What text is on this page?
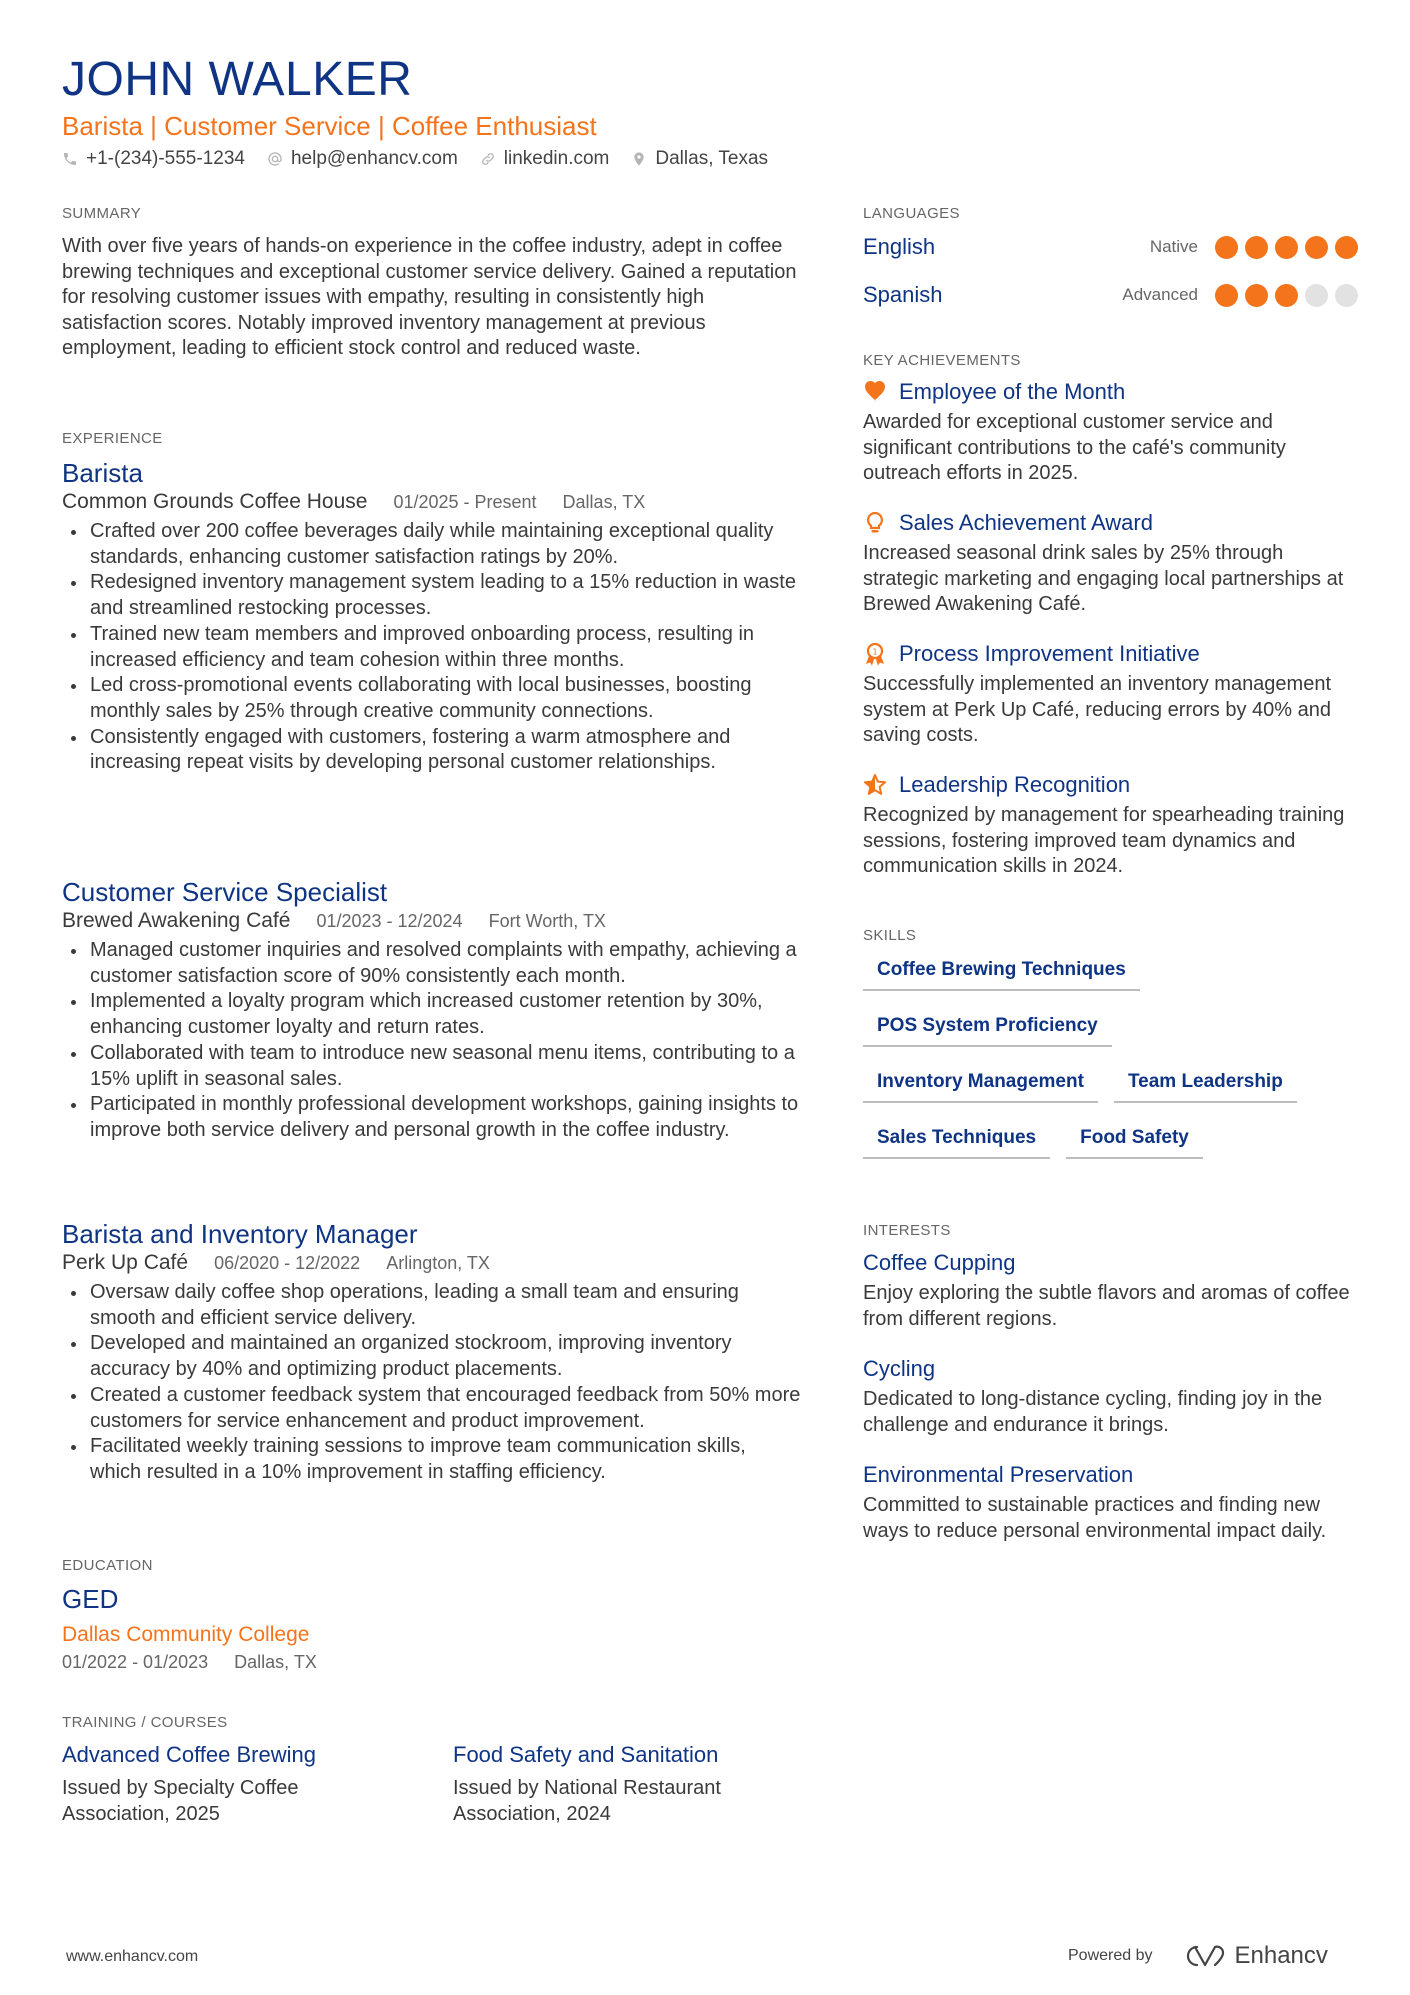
JOHN WALKER
Barista | Customer Service | Coffee Enthusiast
+1-(234)-555-1234 help@enhancv.com linkedin.com Dallas, Texas
SUMMARY
With over five years of hands-on experience in the coffee industry, adept in coffee brewing techniques and exceptional customer service delivery. Gained a reputation for resolving customer issues with empathy, resulting in consistently high satisfaction scores. Notably improved inventory management at previous employment, leading to efficient stock control and reduced waste.
EXPERIENCE
Barista
Common Grounds Coffee House 01/2025 - Present Dallas, TX
Crafted over 200 coffee beverages daily while maintaining exceptional quality standards, enhancing customer satisfaction ratings by 20%.
Redesigned inventory management system leading to a 15% reduction in waste and streamlined restocking processes.
Trained new team members and improved onboarding process, resulting in increased efficiency and team cohesion within three months.
Led cross-promotional events collaborating with local businesses, boosting monthly sales by 25% through creative community connections.
Consistently engaged with customers, fostering a warm atmosphere and increasing repeat visits by developing personal customer relationships.
Customer Service Specialist
Brewed Awakening Café 01/2023 - 12/2024 Fort Worth, TX
Managed customer inquiries and resolved complaints with empathy, achieving a customer satisfaction score of 90% consistently each month.
Implemented a loyalty program which increased customer retention by 30%, enhancing customer loyalty and return rates.
Collaborated with team to introduce new seasonal menu items, contributing to a 15% uplift in seasonal sales.
Participated in monthly professional development workshops, gaining insights to improve both service delivery and personal growth in the coffee industry.
Barista and Inventory Manager
Perk Up Café 06/2020 - 12/2022 Arlington, TX
Oversaw daily coffee shop operations, leading a small team and ensuring smooth and efficient service delivery.
Developed and maintained an organized stockroom, improving inventory accuracy by 40% and optimizing product placements.
Created a customer feedback system that encouraged feedback from 50% more customers for service enhancement and product improvement.
Facilitated weekly training sessions to improve team communication skills, which resulted in a 10% improvement in staffing efficiency.
EDUCATION
GED
Dallas Community College
01/2022 - 01/2023 Dallas, TX
TRAINING / COURSES
Advanced Coffee Brewing
Issued by Specialty Coffee Association, 2025
Food Safety and Sanitation
Issued by National Restaurant Association, 2024
LANGUAGES
English	Native
Spanish	Advanced
KEY ACHIEVEMENTS
Employee of the Month
Awarded for exceptional customer service and significant contributions to the café's community outreach efforts in 2025.
Sales Achievement Award
Increased seasonal drink sales by 25% through strategic marketing and engaging local partnerships at Brewed Awakening Café.
1 Process Improvement Initiative
Successfully implemented an inventory management system at Perk Up Café, reducing errors by 40% and saving costs.
Leadership Recognition
Recognized by management for spearheading training sessions, fostering improved team dynamics and communication skills in 2024.
SKILLS
Coffee Brewing Techniques
POS System Proficiency
Inventory Management	Team Leadership
Sales Techniques	Food Safety
INTERESTS
Coffee Cupping
Enjoy exploring the subtle flavors and aromas of coffee from different regions.
Cycling
Dedicated to long-distance cycling, finding joy in the challenge and endurance it brings.
Environmental Preservation
Committed to sustainable practices and finding new ways to reduce personal environmental impact daily.
www.enhancv.com	Powered by	Enhancv
